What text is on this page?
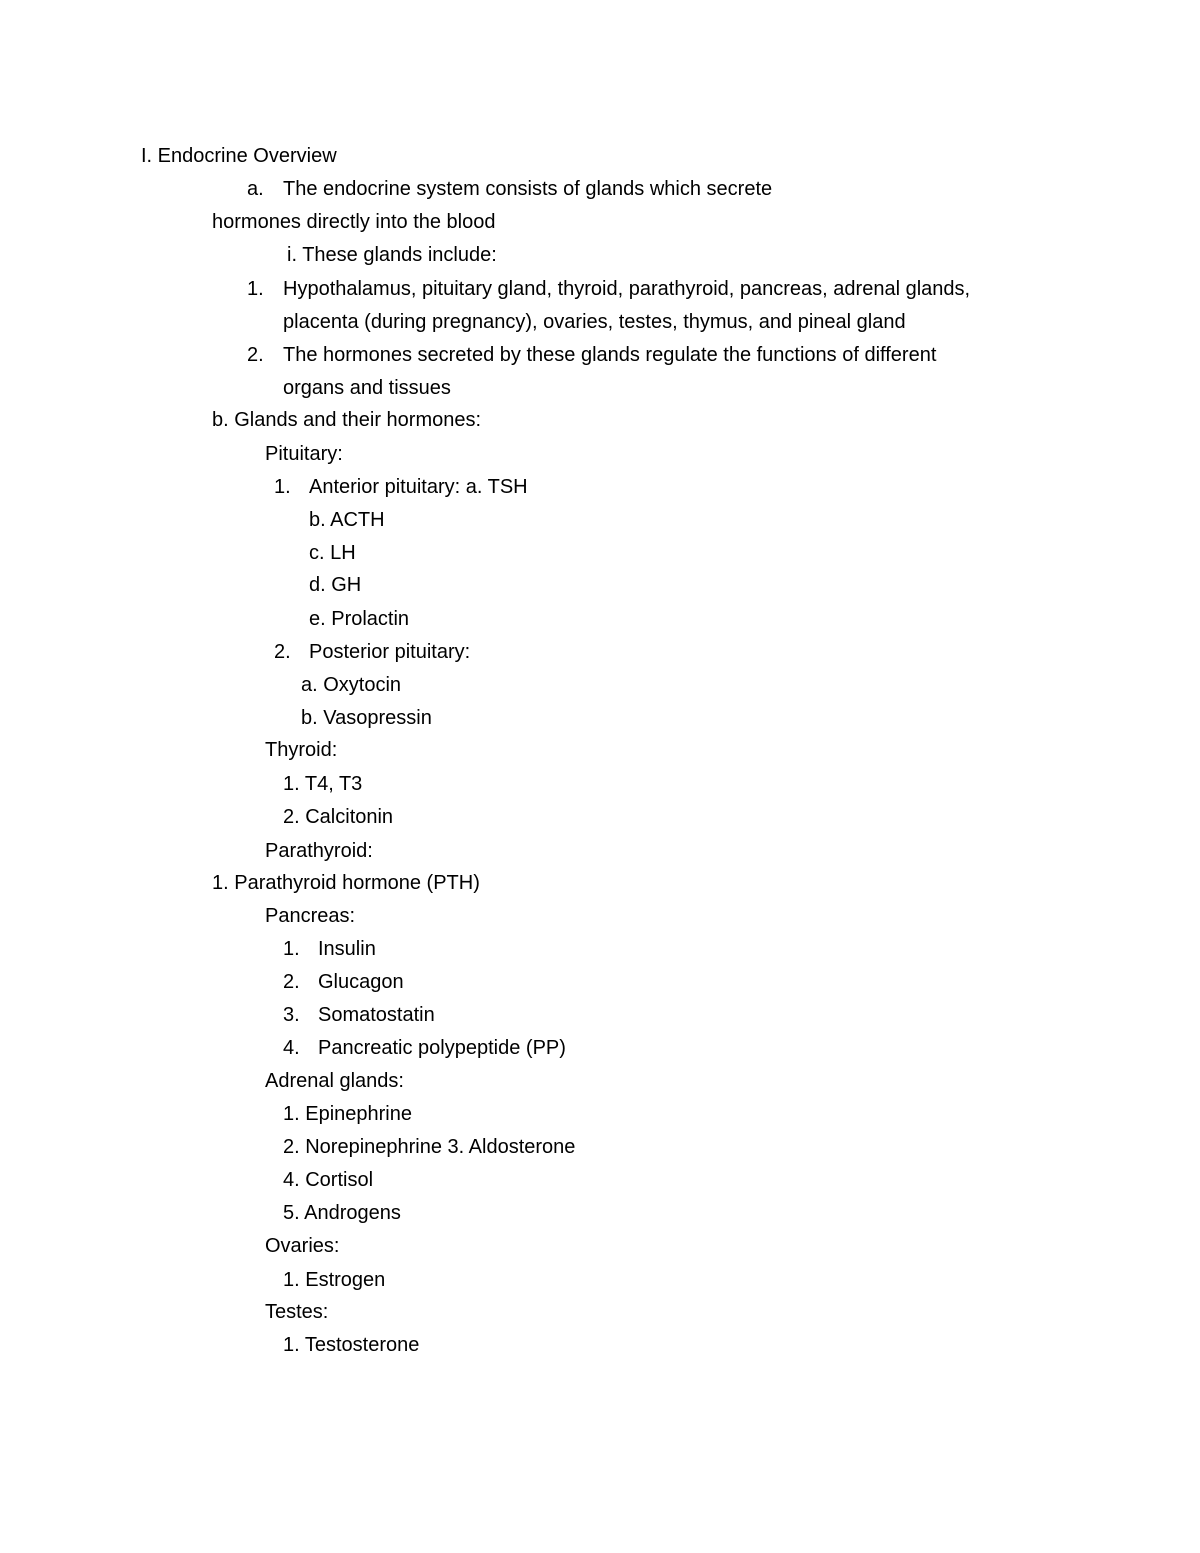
I. Endocrine Overview
a. The endocrine system consists of glands which secrete
hormones directly into the blood
i. These glands include:
1. Hypothalamus, pituitary gland, thyroid, parathyroid, pancreas, adrenal glands,
placenta (during pregnancy), ovaries, testes, thymus, and pineal gland
2. The hormones secreted by these glands regulate the functions of different
organs and tissues
b. Glands and their hormones:
Pituitary:
1. Anterior pituitary: a. TSH
b. ACTH
c. LH
d. GH
e. Prolactin
2. Posterior pituitary:
a. Oxytocin
b. Vasopressin
Thyroid:
1. T4, T3
2. Calcitonin
Parathyroid:
1. Parathyroid hormone (PTH)
Pancreas:
1. Insulin
2. Glucagon
3. Somatostatin
4. Pancreatic polypeptide (PP)
Adrenal glands:
1. Epinephrine
2. Norepinephrine 3. Aldosterone
4. Cortisol
5. Androgens
Ovaries:
1. Estrogen
Testes:
1. Testosterone
